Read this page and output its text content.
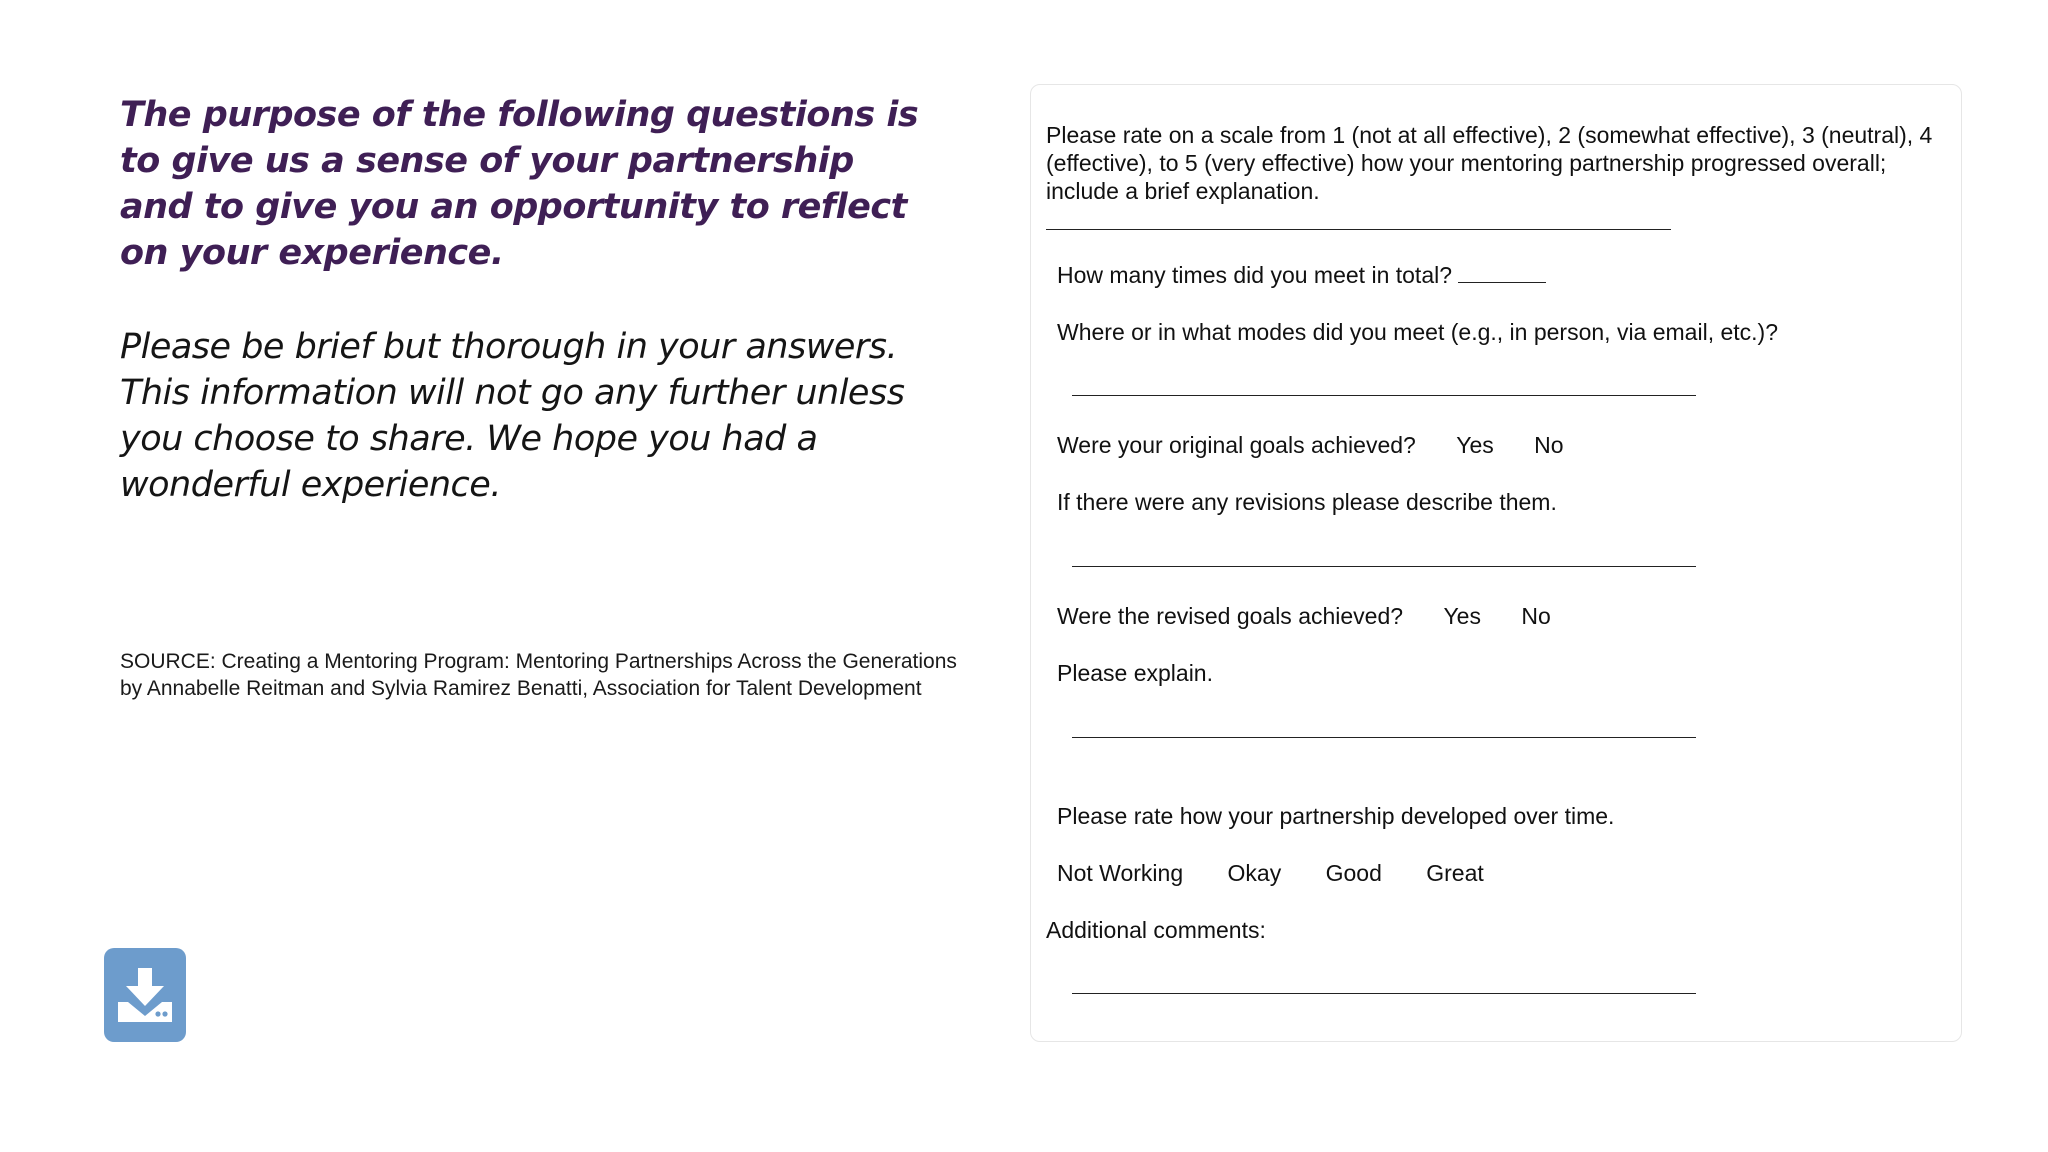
The purpose of the following questions is to give us a sense of your partnership and to give you an opportunity to reflect on your experience.
Please be brief but thorough in your answers. This information will not go any further unless you choose to share. We hope you had a wonderful experience.
SOURCE: Creating a Mentoring Program: Mentoring Partnerships Across the Generations
by Annabelle Reitman and Sylvia Ramirez Benatti, Association for Talent Development
Please rate on a scale from 1 (not at all effective), 2 (somewhat effective), 3 (neutral), 4 (effective), to 5 (very effective) how your mentoring partnership progressed overall; include a brief explanation.
How many times did you meet in total?
Where or in what modes did you meet (e.g., in person, via email, etc.)?
Were your original goals achieved? Yes No
If there were any revisions please describe them.
Were the revised goals achieved? Yes No
Please explain.
Please rate how your partnership developed over time.
Not Working Okay Good Great
Additional comments:
